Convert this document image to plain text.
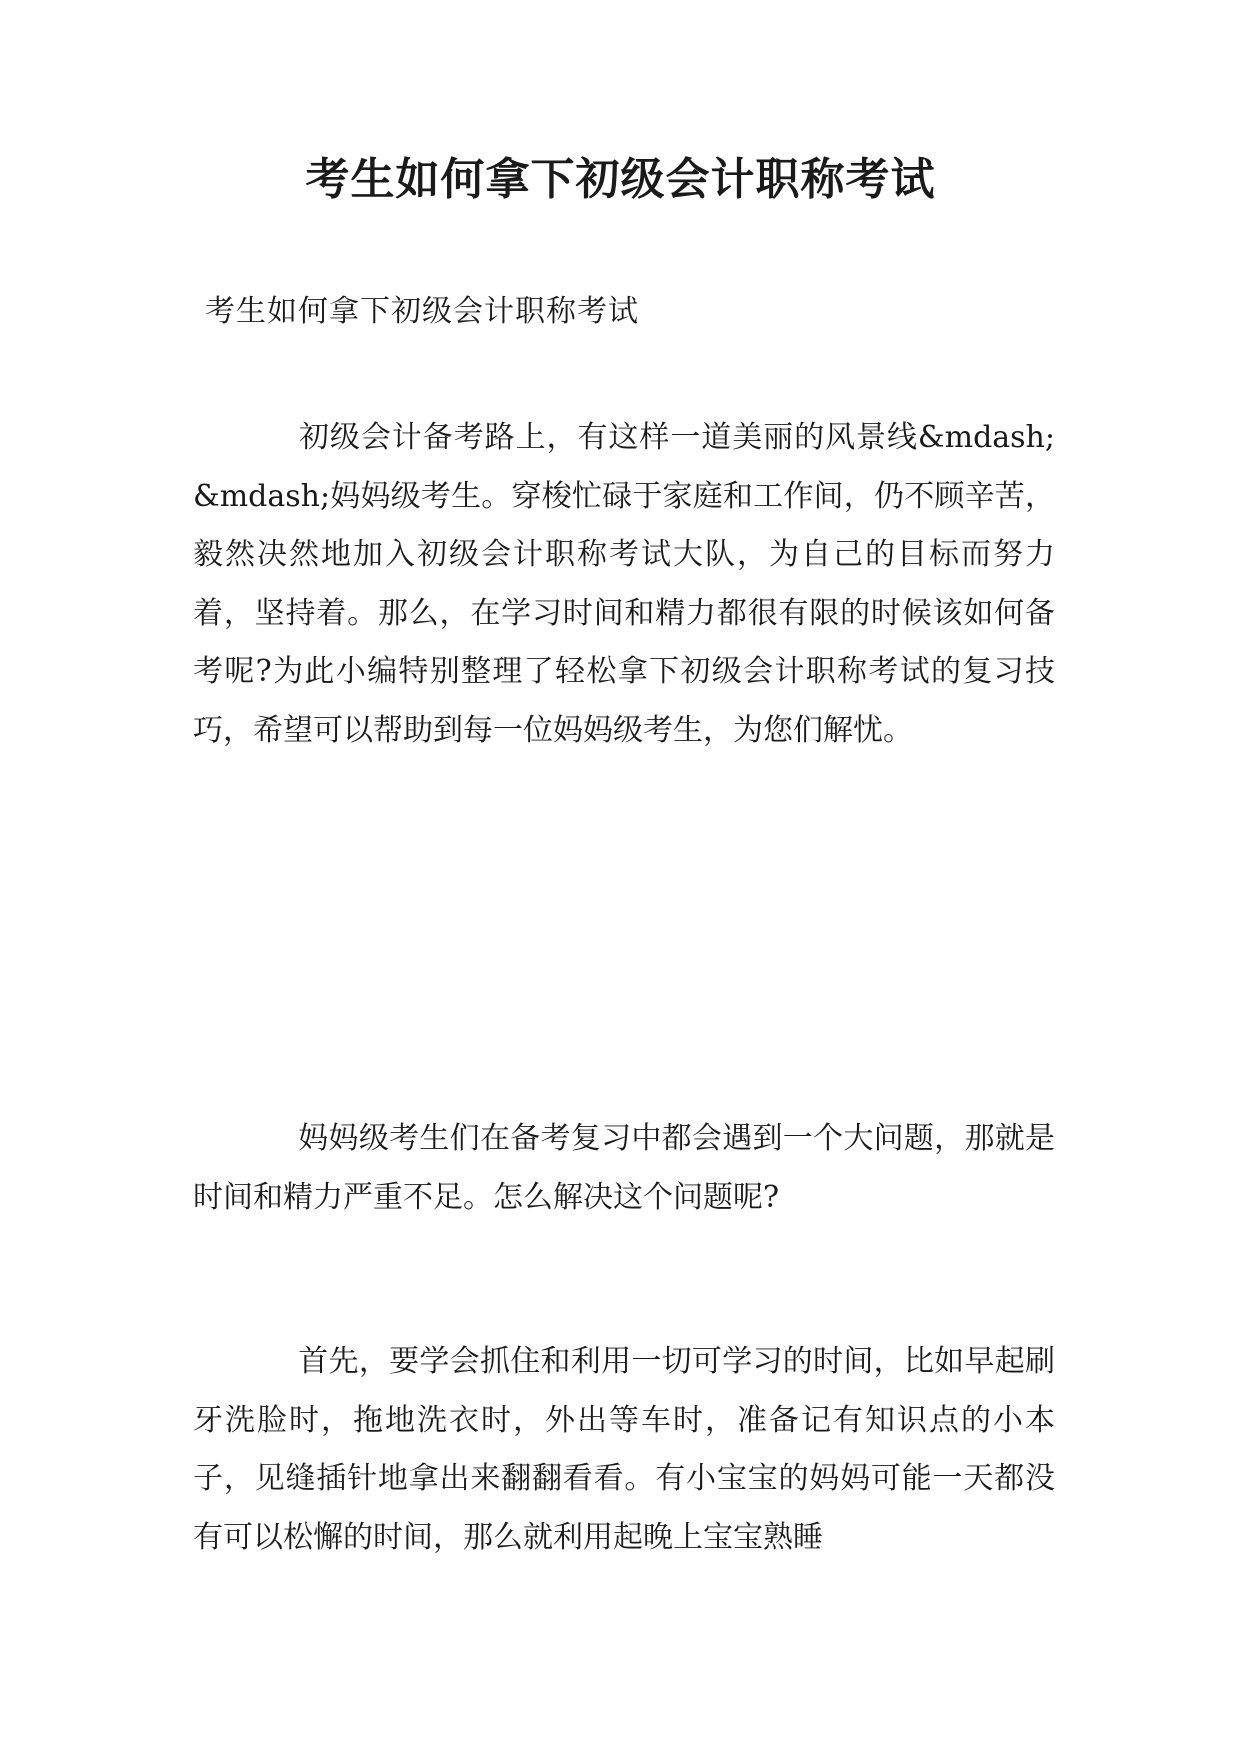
考生如何拿下初级会计职称考试

考生如何拿下初级会计职称考试

初级会计备考路上，有这样一道美丽的风景线&mdash;&mdash;妈妈级考生。穿梭忙碌于家庭和工作间，仍不顾辛苦，毅然决然地加入初级会计职称考试大队，为自己的目标而努力着，坚持着。那么，在学习时间和精力都很有限的时候该如何备考呢?为此小编特别整理了轻松拿下初级会计职称考试的复习技巧，希望可以帮助到每一位妈妈级考生，为您们解忧。

妈妈级考生们在备考复习中都会遇到一个大问题，那就是时间和精力严重不足。怎么解决这个问题呢?

首先，要学会抓住和利用一切可学习的时间，比如早起刷牙洗脸时，拖地洗衣时，外出等车时，准备记有知识点的小本子，见缝插针地拿出来翻翻看看。有小宝宝的妈妈可能一天都没有可以松懈的时间，那么就利用起晚上宝宝熟睡
